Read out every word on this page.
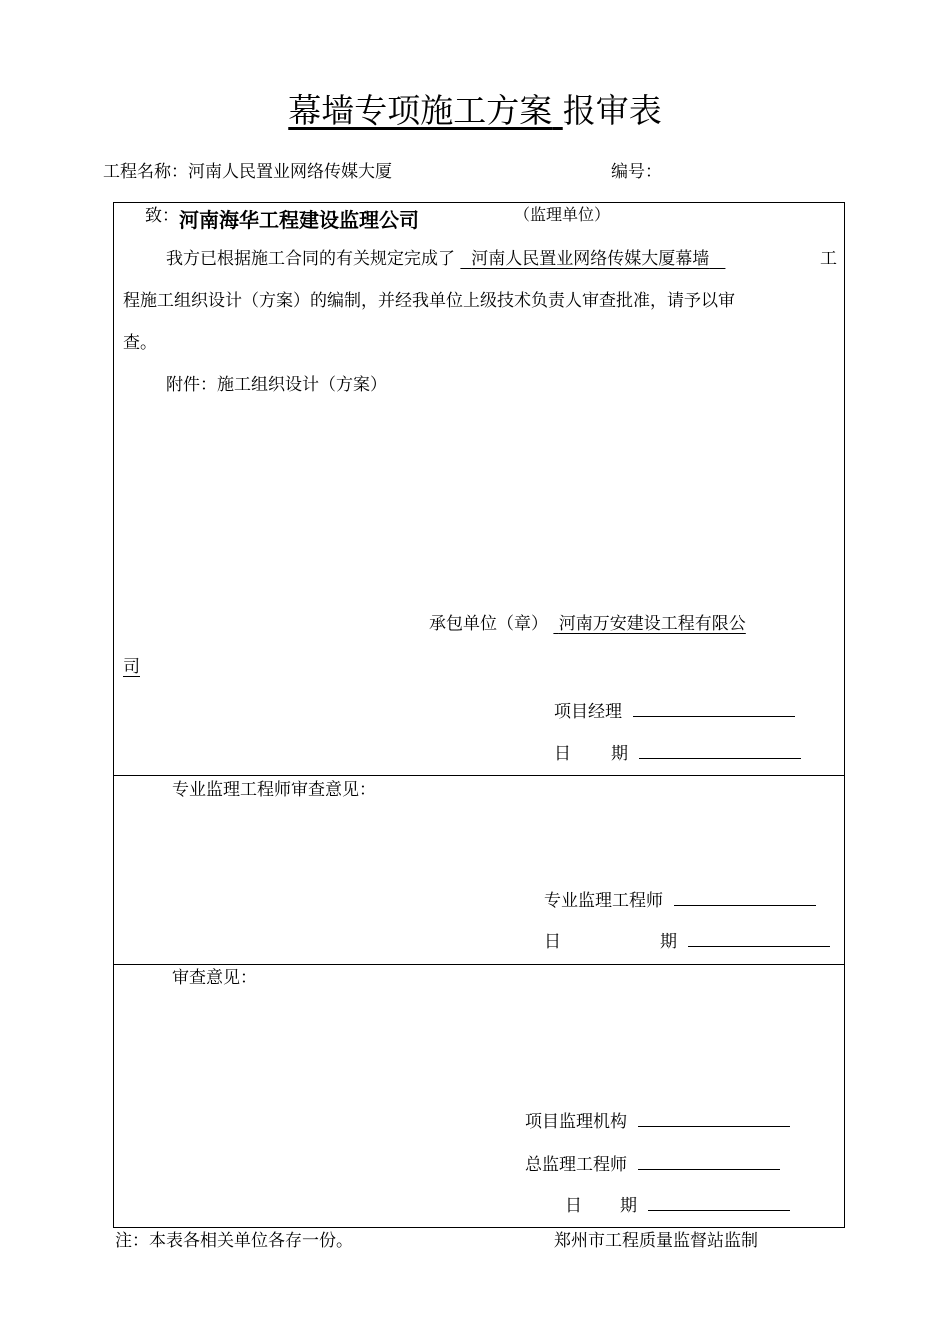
幕墙专项施工方案 报审表
工程名称：河南人民置业网络传媒大厦	编号：
致： 河南海华工程建设监理公司	（监理单位）
我方已根据施工合同的有关规定完成了 河南人民置业网络传媒大厦幕墙	工
程施工组织设计（方案）的编制，并经我单位上级技术负责人审查批准，请予以审
查。
附件：施工组织设计（方案）
承包单位（章） 河南万安建设工程有限公
司
项目经理
日 期
专业监理工程师审查意见：
专业监理工程师
日	期
审查意见：
项目监理机构
总监理工程师
日 期
注：本表各相关单位各存一份。	郑州市工程质量监督站监制
